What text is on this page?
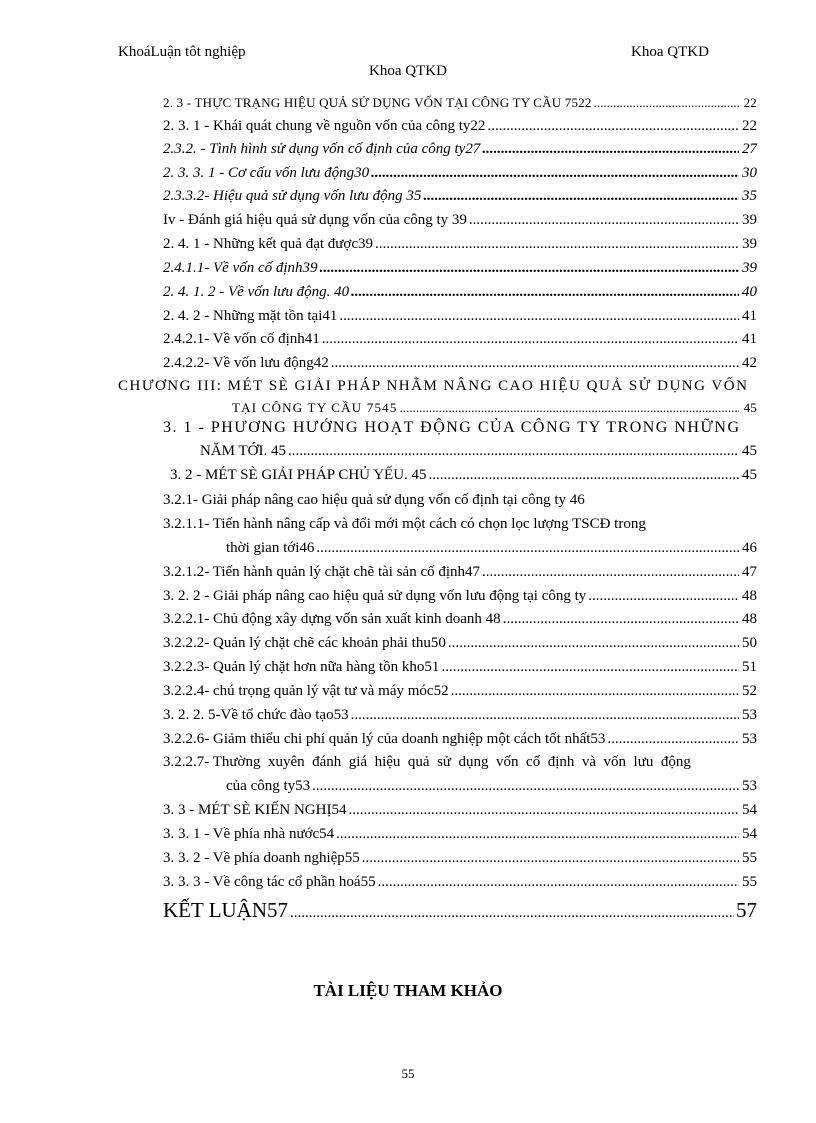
KhoáLuận tôt nghiệp	Khoa QTKD
Khoa QTKD
2. 3 - THỰC TRẠNG HIỆU QUẢ SỬ DỤNG VỐN TẠI CÔNG TY CẦU 7522 .....	22
2. 3. 1 - Khái quát chung về nguồn vốn của công ty22 .....	22
2.3.2. - Tình hình sử dụng vốn cố định của công ty27 .....	27
2. 3. 3. 1 - Cơ cấu vốn lưu động30 .....	30
2.3.3.2- Hiệu quả sử dụng vốn lưu động 35 .....	35
Iv - Đánh giá hiệu quả sử dụng vốn của công ty 39 .....	39
2. 4. 1 - Những kết quả đạt được39 .....	39
2.4.1.1- Về vốn cố định39 .....	39
2. 4. 1. 2 - Về vốn lưu động. 40 .....	40
2. 4. 2 - Những mặt tồn tại41 .....	41
2.4.2.1- Về vốn cố định41 .....	41
2.4.2.2- Về vốn lưu động42 .....	42
CHƯƠNG III: MÉT SÈ GIẢI PHÁP NHẰM NÂNG CAO HIỆU QUẢ SỬ DỤNG VỐN
TẠI CÔNG TY CẦU 7545 .....	45
3. 1 - PHƯƠNG HƯỚNG HOẠT ĐỘNG CỦA CÔNG TY TRONG NHỮNG
NĂM TỚI. 45 .....	45
3. 2 - MÉT SÈ GIẢI PHÁP CHỦ YẾU. 45 .....	45
3.2.1- Giải pháp nâng cao hiệu quả sử dụng vốn cố định tại công ty 46
3.2.1.1- Tiến hành nâng cấp và đổi mới một cách có chọn lọc lượng TSCĐ trong
thời gian tới46 .....	46
3.2.1.2- Tiến hành quản lý chặt chẽ tài sản cố định47 .....	47
3. 2. 2 - Giải pháp nâng cao hiệu quả sử dụng vốn lưu động tại công ty .....	48
3.2.2.1- Chủ động xây dựng vốn sản xuất kinh doanh 48 .....	48
3.2.2.2- Quản lý chặt chẽ các khoản phải thu50 .....	50
3.2.2.3- Quản lý chặt hơn nữa hàng tồn kho51 .....	51
3.2.2.4- chú trọng quản lý vật tư và máy móc52 .....	52
3. 2. 2. 5-Về tổ chức đào tạo53 .....	53
3.2.2.6- Giảm thiểu chi phí quản lý của doanh nghiệp một cách tốt nhất53 .....	53
3.2.2.7- Thường  xuyên  đánh  giá  hiệu  quả  sử  dụng  vốn  cố  định  và  vốn  lưu  động
của công ty53 .....	53
3. 3 - MÉT SÈ KIẾN NGHỊ54 .....	54
3. 3. 1 - Về phía nhà nước54 .....	54
3. 3. 2 - Về phía doanh nghiệp55 .....	55
3. 3. 3 - Về công tác cổ phần hoá55 .....	55
KẾT LUẬN57 .....	57
TÀI LIỆU THAM KHẢO
55
